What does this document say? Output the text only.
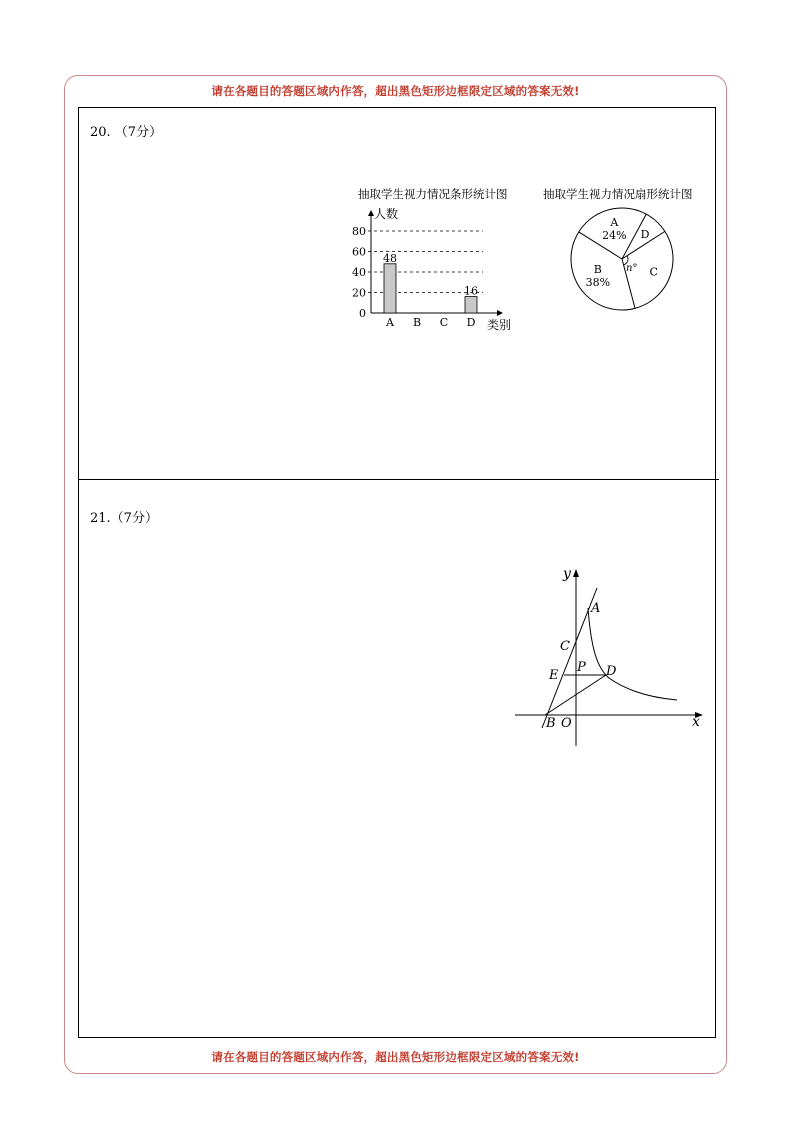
请在各题目的答题区域内作答，超出黑色矩形边框限定区域的答案无效!
请在各题目的答题区域内作答，超出黑色矩形边框限定区域的答案无效!
20. （7分）
21.（7分）
抽取学生视力情况条形统计图
0
20
40
60
80
人数
类别
A
48
B C D
16
抽取学生视力情况扇形统计图
A
24%
B
38%
D
C
n°
y
x
A
C
P D
E
B O
